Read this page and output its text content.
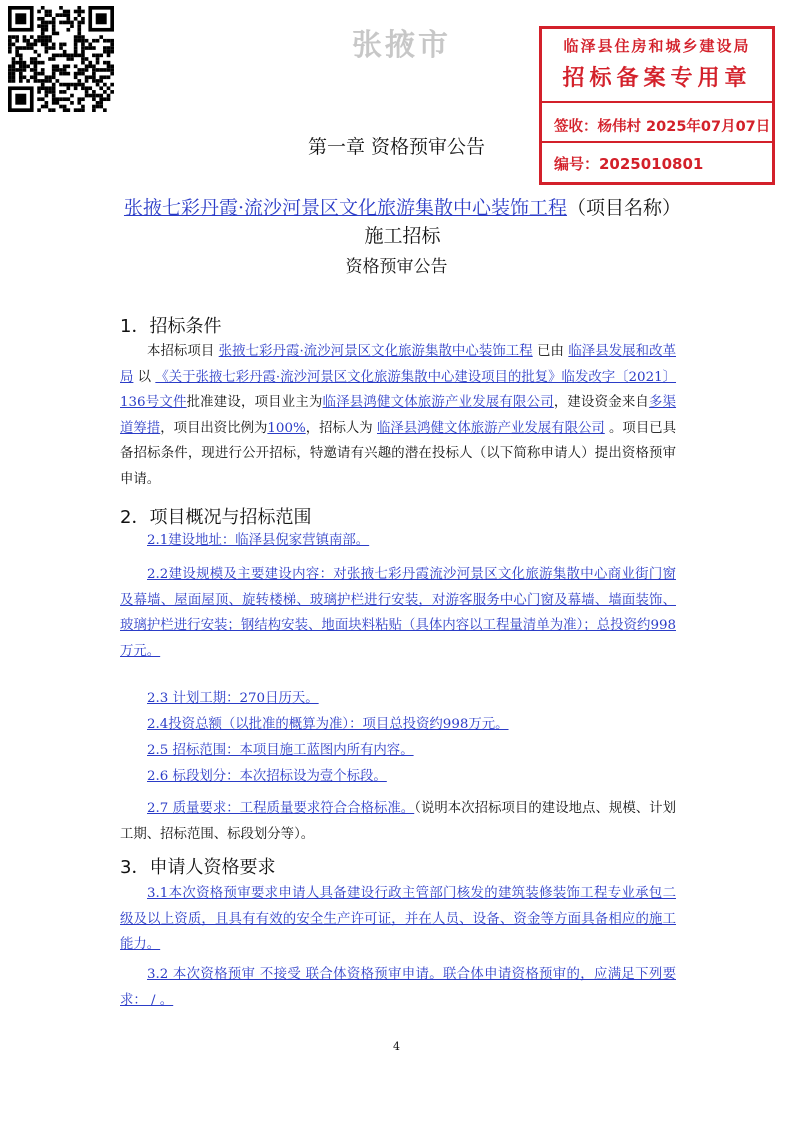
张掖市	临泽县住房和城乡建设局
招标备案专用章
签收：杨伟村 2025年07月07日
编号：2025010801
第一章 资格预审公告
张掖七彩丹霞·流沙河景区文化旅游集散中心装饰工程（项目名称）施工招标
资格预审公告
1．招标条件
本招标项目 张掖七彩丹霞·流沙河景区文化旅游集散中心装饰工程 已由 临泽县发展和改革局 以 《关于张掖七彩丹霞·流沙河景区文化旅游集散中心建设项目的批复》临发改字〔2021〕136号文件批准建设，项目业主为临泽县鸿健文体旅游产业发展有限公司，建设资金来自多渠道筹措，项目出资比例为100%，招标人为 临泽县鸿健文体旅游产业发展有限公司 。项目已具备招标条件，现进行公开招标，特邀请有兴趣的潜在投标人（以下简称申请人）提出资格预审申请。
2．项目概况与招标范围
2.1建设地址：临泽县倪家营镇南部。
2.2建设规模及主要建设内容：对张掖七彩丹霞流沙河景区文化旅游集散中心商业街门窗及幕墙、屋面屋顶、旋转楼梯、玻璃护栏进行安装，对游客服务中心门窗及幕墙、墙面装饰、玻璃护栏进行安装；钢结构安装、地面块料粘贴（具体内容以工程量清单为准）；总投资约998万元。
2.3 计划工期：270日历天。
2.4投资总额（以批准的概算为准）：项目总投资约998万元。
2.5 招标范围：本项目施工蓝图内所有内容。
2.6 标段划分：本次招标设为壹个标段。
2.7 质量要求：工程质量要求符合合格标准。（说明本次招标项目的建设地点、规模、计划工期、招标范围、标段划分等）。
3．申请人资格要求
3.1本次资格预审要求申请人具备建设行政主管部门核发的建筑装修装饰工程专业承包二级及以上资质，且具有有效的安全生产许可证，并在人员、设备、资金等方面具备相应的施工能力。
3.2 本次资格预审 不接受 联合体资格预审申请。联合体申请资格预审的，应满足下列要求： / 。
4
